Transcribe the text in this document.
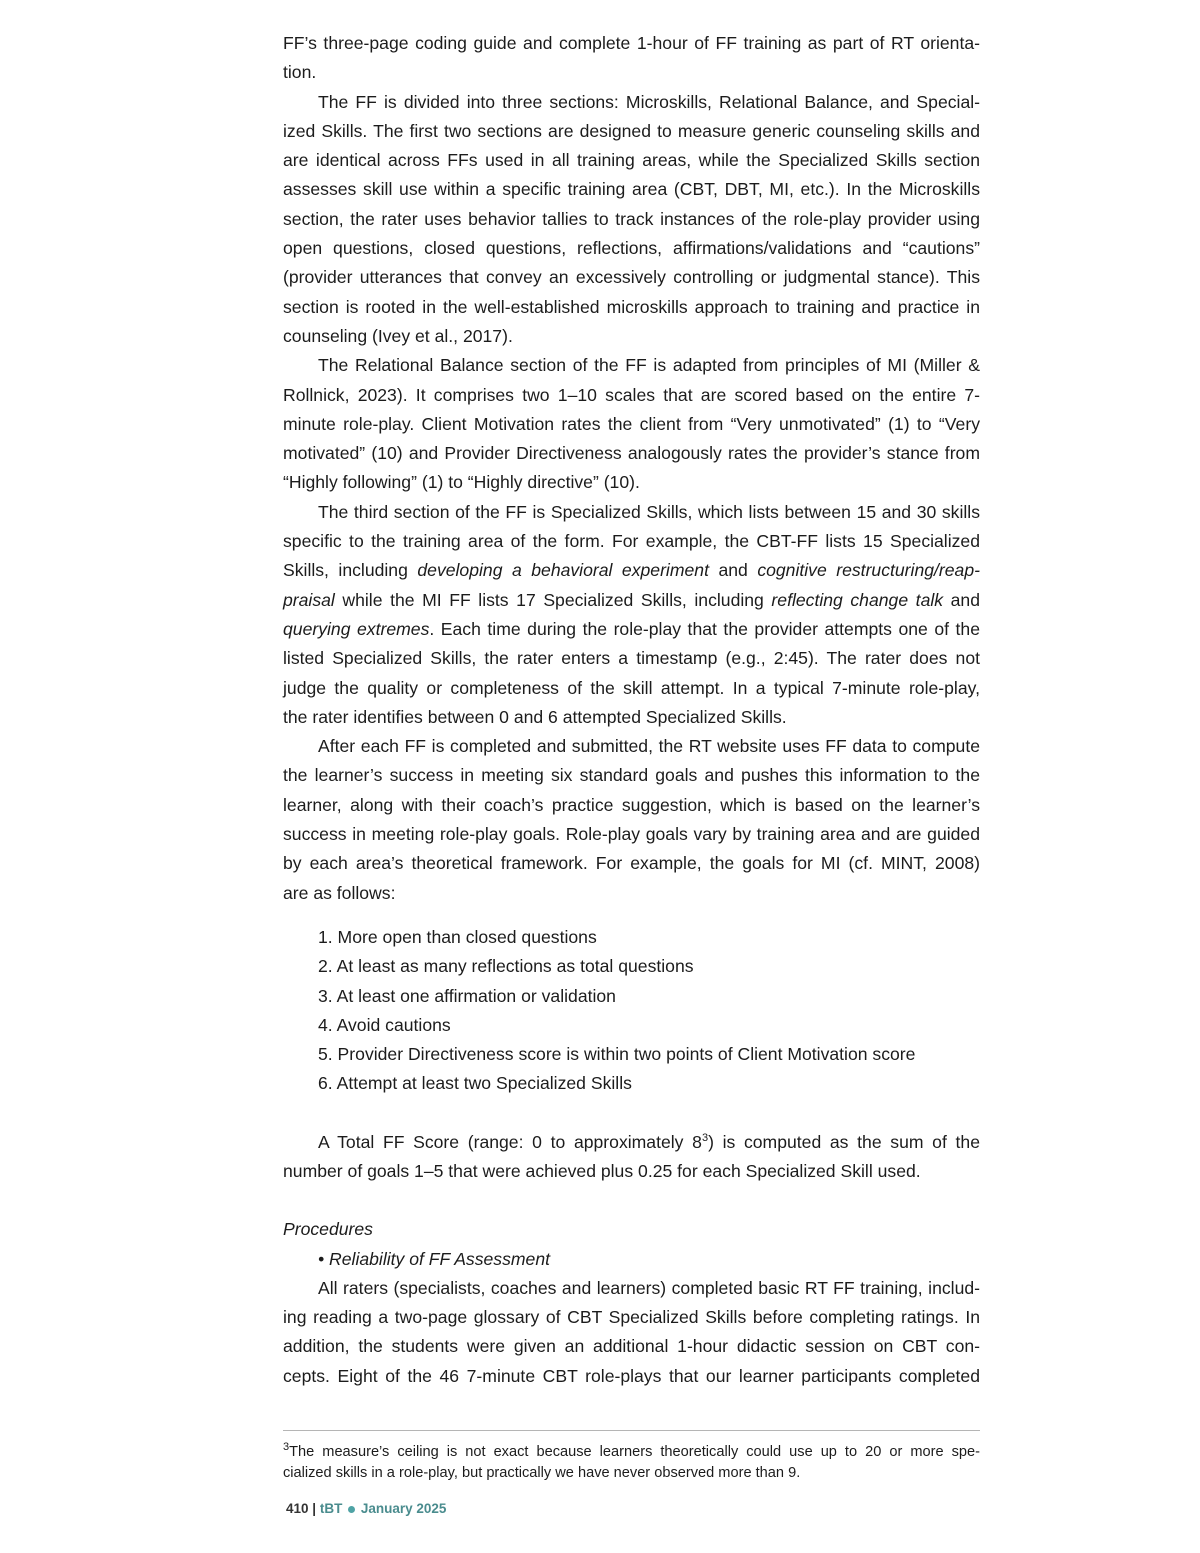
FF’s three-page coding guide and complete 1-hour of FF training as part of RT orienta-
tion.
The FF is divided into three sections: Microskills, Relational Balance, and Special-
ized Skills. The first two sections are designed to measure generic counseling skills and
are identical across FFs used in all training areas, while the Specialized Skills section
assesses skill use within a specific training area (CBT, DBT, MI, etc.). In the Microskills
section, the rater uses behavior tallies to track instances of the role-play provider using
open questions, closed questions, reflections, affirmations/validations and “cautions”
(provider utterances that convey an excessively controlling or judgmental stance). This
section is rooted in the well-established microskills approach to training and practice in
counseling (Ivey et al., 2017).
The Relational Balance section of the FF is adapted from principles of MI (Miller &
Rollnick, 2023). It comprises two 1–10 scales that are scored based on the entire 7-
minute role-play. Client Motivation rates the client from “Very unmotivated” (1) to “Very
motivated” (10) and Provider Directiveness analogously rates the provider’s stance from
“Highly following” (1) to “Highly directive” (10).
The third section of the FF is Specialized Skills, which lists between 15 and 30 skills
specific to the training area of the form. For example, the CBT-FF lists 15 Specialized
Skills, including developing a behavioral experiment and cognitive restructuring/reap-
praisal while the MI FF lists 17 Specialized Skills, including reflecting change talk and
querying extremes. Each time during the role-play that the provider attempts one of the
listed Specialized Skills, the rater enters a timestamp (e.g., 2:45). The rater does not
judge the quality or completeness of the skill attempt. In a typical 7-minute role-play,
the rater identifies between 0 and 6 attempted Specialized Skills.
After each FF is completed and submitted, the RT website uses FF data to compute
the learner’s success in meeting six standard goals and pushes this information to the
learner, along with their coach’s practice suggestion, which is based on the learner’s
success in meeting role-play goals. Role-play goals vary by training area and are guided
by each area’s theoretical framework. For example, the goals for MI (cf. MINT, 2008)
are as follows:
1. More open than closed questions
2. At least as many reflections as total questions
3. At least one affirmation or validation
4. Avoid cautions
5. Provider Directiveness score is within two points of Client Motivation score
6. Attempt at least two Specialized Skills
A Total FF Score (range: 0 to approximately $8^3$) is computed as the sum of the
number of goals 1–5 that were achieved plus 0.25 for each Specialized Skill used.
Procedures
• Reliability of FF Assessment
All raters (specialists, coaches and learners) completed basic RT FF training, includ-
ing reading a two-page glossary of CBT Specialized Skills before completing ratings. In
addition, the students were given an additional 1-hour didactic session on CBT con-
cepts. Eight of the 46 7-minute CBT role-plays that our learner participants completed
$^3$The measure’s ceiling is not exact because learners theoretically could use up to 20 or more spe-
cialized skills in a role-play, but practically we have never observed more than 9.
410 | tBT January 2025
